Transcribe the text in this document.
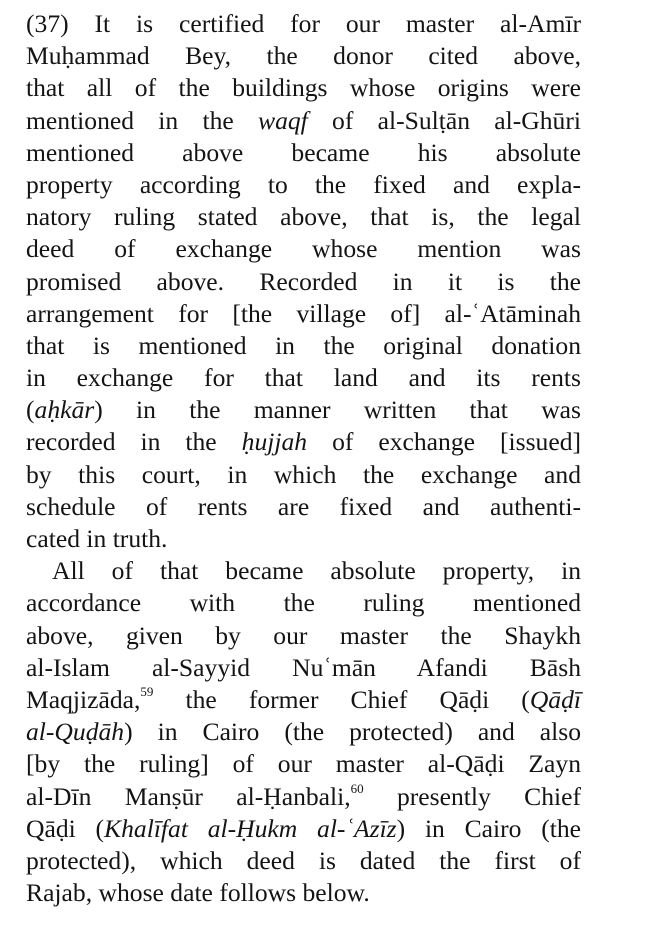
(37) It is certified for our master al-Amīr
Muḥammad Bey, the donor cited above,
that all of the buildings whose origins were
mentioned in the waqf of al-Sulṭān al-Ghūri
mentioned above became his absolute
property according to the fixed and expla-
natory ruling stated above, that is, the legal
deed of exchange whose mention was
promised above. Recorded in it is the
arrangement for [the village of] al-ʿAtāminah
that is mentioned in the original donation
in exchange for that land and its rents
(aḥkār) in the manner written that was
recorded in the ḥujjah of exchange [issued]
by this court, in which the exchange and
schedule of rents are fixed and authenti-
cated in truth.
All of that became absolute property, in
accordance with the ruling mentioned
above, given by our master the Shaykh
al-Islam al-Sayyid Nuʿmān Afandi Bāsh
Maqjizāda,$^{59}$ the former Chief Qāḍi (Qāḍī
al-Quḍāh) in Cairo (the protected) and also
[by the ruling] of our master al-Qāḍi Zayn
al-Dīn Manṣūr al-Ḥanbali,$^{60}$ presently Chief
Qāḍi (Khalīfat al-Ḥukm al-ʿAzīz) in Cairo (the
protected), which deed is dated the first of
Rajab, whose date follows below.
